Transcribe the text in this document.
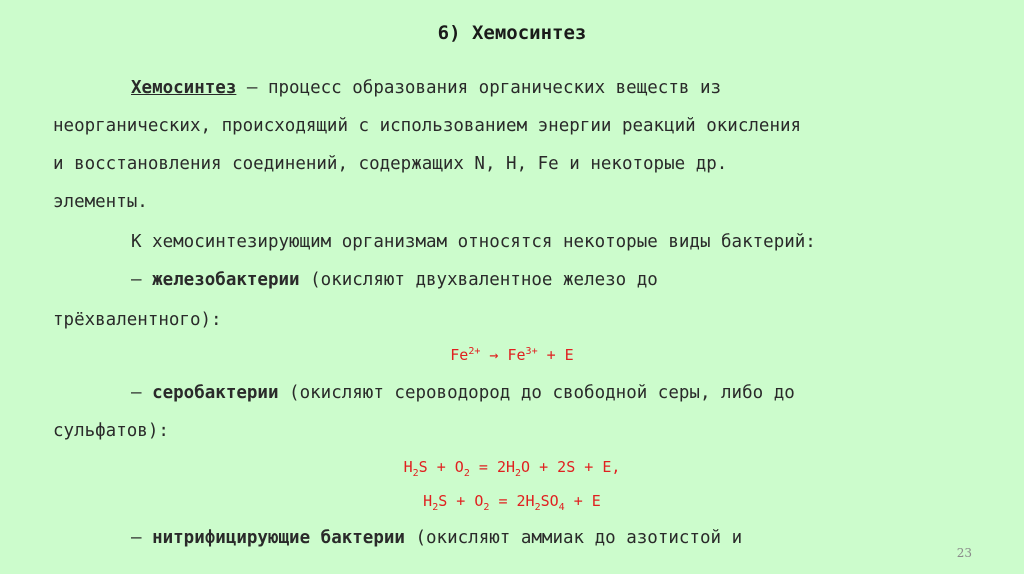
6) Хемосинтез
Хемосинтез – процесс образования органических веществ из
неорганических, происходящий с использованием энергии реакций окисления
и восстановления соединений, содержащих N, H, Fe и некоторые др.
элементы.
К хемосинтезирующим организмам относятся некоторые виды бактерий:
– железобактерии (окисляют двухвалентное железо до
трёхвалентного):
$Fe^{2+} \to Fe^{3+} + E$
– серобактерии (окисляют сероводород до свободной серы, либо до
сульфатов):
$H_2S + O_2 = 2H_2O + 2S + E$,
$H_2S + O_2 = 2H_2SO_4 + E$
– нитрифицирующие бактерии (окисляют аммиак до азотистой и
23
